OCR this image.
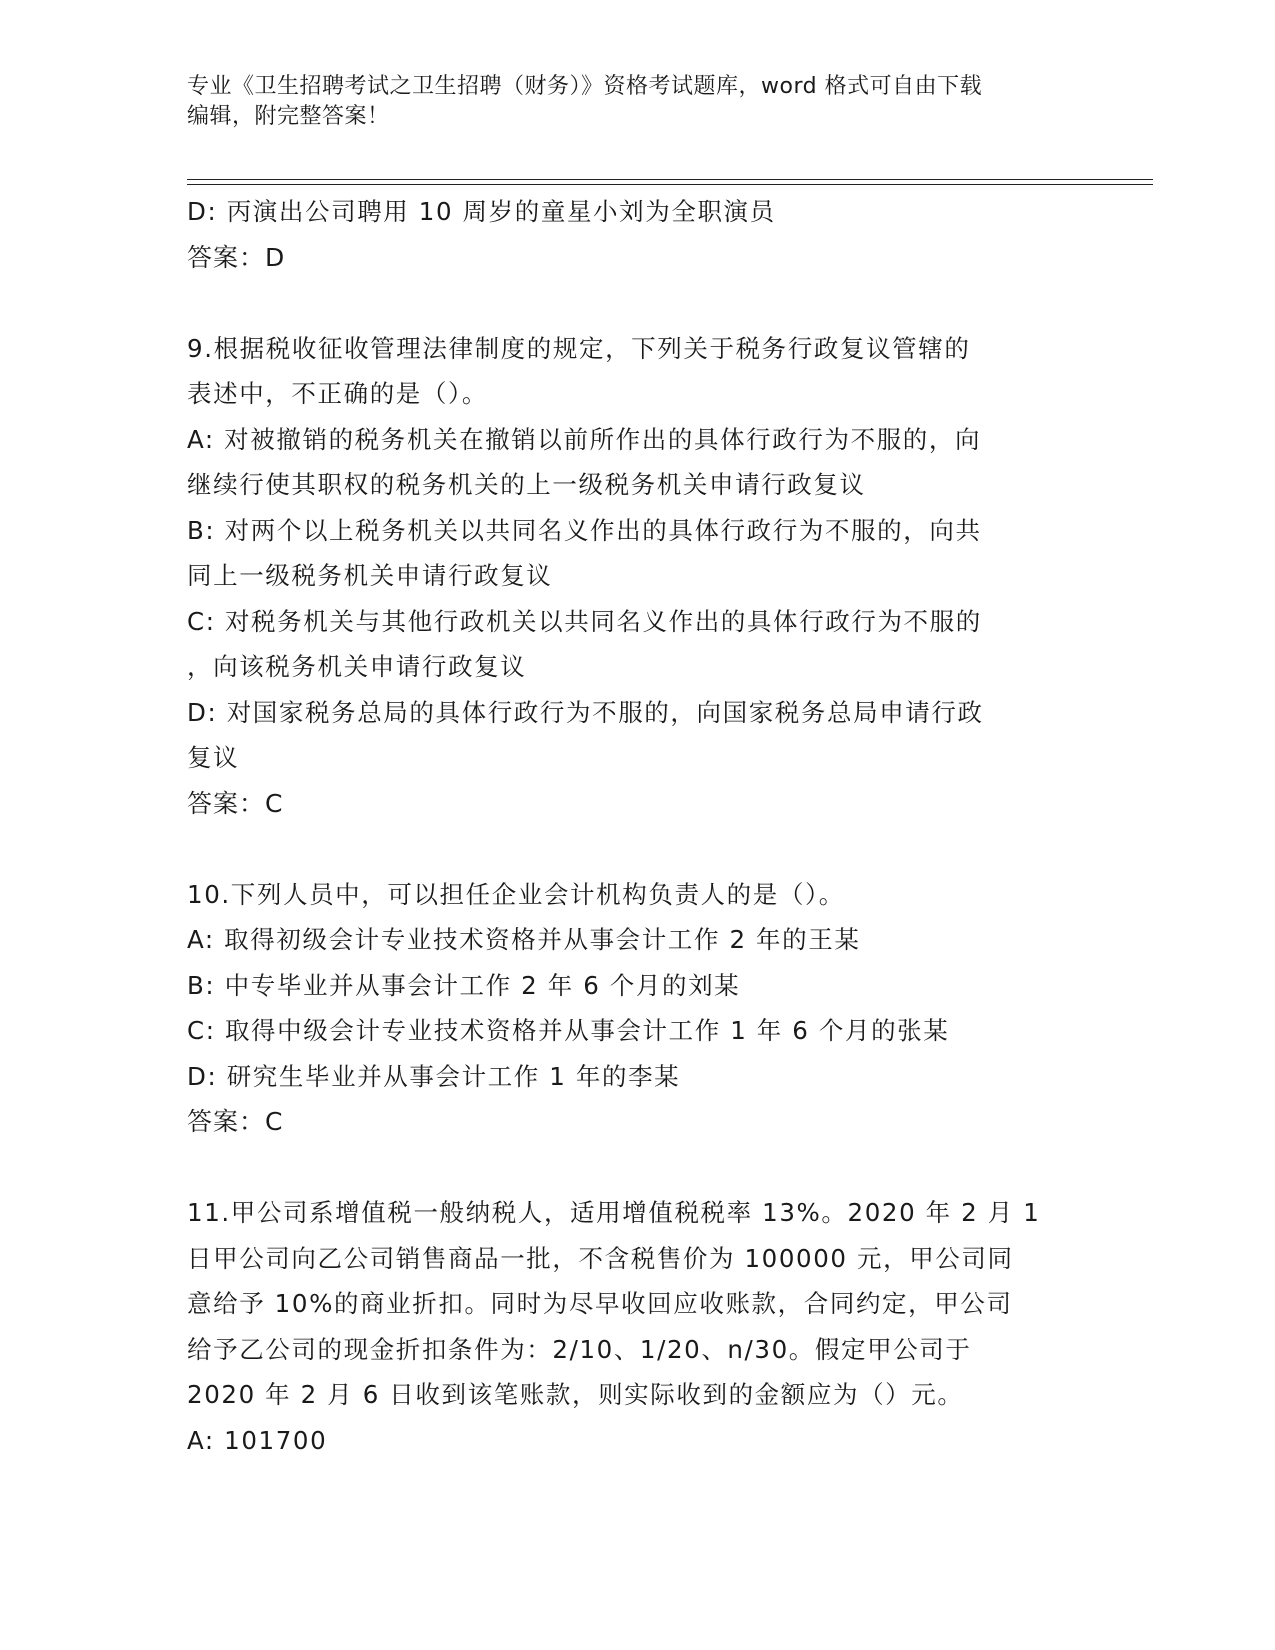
专业《卫生招聘考试之卫生招聘（财务）》资格考试题库，word 格式可自由下载
编辑，附完整答案！
D: 丙演出公司聘用 10 周岁的童星小刘为全职演员
答案：D
9.根据税收征收管理法律制度的规定，下列关于税务行政复议管辖的
表述中，不正确的是（）。
A: 对被撤销的税务机关在撤销以前所作出的具体行政行为不服的，向
继续行使其职权的税务机关的上一级税务机关申请行政复议
B: 对两个以上税务机关以共同名义作出的具体行政行为不服的，向共
同上一级税务机关申请行政复议
C: 对税务机关与其他行政机关以共同名义作出的具体行政行为不服的
，向该税务机关申请行政复议
D: 对国家税务总局的具体行政行为不服的，向国家税务总局申请行政
复议
答案：C
10.下列人员中，可以担任企业会计机构负责人的是（）。
A: 取得初级会计专业技术资格并从事会计工作 2 年的王某
B: 中专毕业并从事会计工作 2 年 6 个月的刘某
C: 取得中级会计专业技术资格并从事会计工作 1 年 6 个月的张某
D: 研究生毕业并从事会计工作 1 年的李某
答案：C
11.甲公司系增值税一般纳税人，适用增值税税率 13%。2020 年 2 月 1
日甲公司向乙公司销售商品一批，不含税售价为 100000 元，甲公司同
意给予 10%的商业折扣。同时为尽早收回应收账款，合同约定，甲公司
给予乙公司的现金折扣条件为：2/10、1/20、n/30。假定甲公司于
2020 年 2 月 6 日收到该笔账款，则实际收到的金额应为（）元。
A: 101700
